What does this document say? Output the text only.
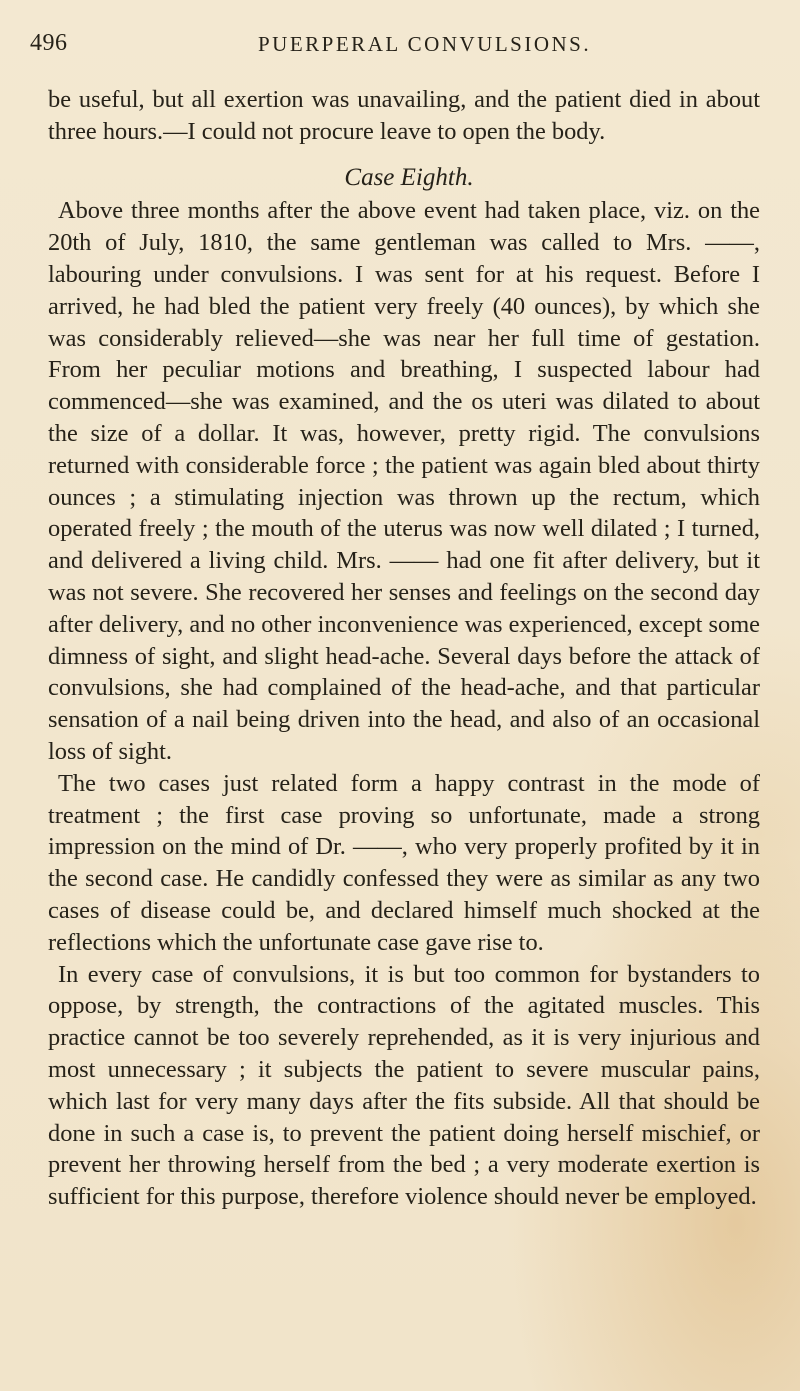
496	PUERPERAL CONVULSIONS.

be useful, but all exertion was unavailing, and the patient died in about three hours.—I could not procure leave to open the body.

Case Eighth.

Above three months after the above event had taken place, viz. on the 20th of July, 1810, the same gentleman was called to Mrs. ——, labouring under convulsions. I was sent for at his request. Before I arrived, he had bled the patient very freely (40 ounces), by which she was considerably relieved—she was near her full time of gestation. From her peculiar motions and breathing, I suspected labour had commenced—she was examined, and the os uteri was dilated to about the size of a dollar. It was, however, pretty rigid. The convulsions returned with considerable force ; the patient was again bled about thirty ounces ; a stimulating injection was thrown up the rectum, which operated freely ; the mouth of the uterus was now well dilated ; I turned, and delivered a living child. Mrs. —— had one fit after delivery, but it was not severe. She recovered her senses and feelings on the second day after delivery, and no other inconvenience was experienced, except some dimness of sight, and slight head-ache. Several days before the attack of convulsions, she had complained of the head-ache, and that particular sensation of a nail being driven into the head, and also of an occasional loss of sight.

The two cases just related form a happy contrast in the mode of treatment ; the first case proving so unfortunate, made a strong impression on the mind of Dr. ——, who very properly profited by it in the second case. He candidly confessed they were as similar as any two cases of disease could be, and declared himself much shocked at the reflections which the unfortunate case gave rise to.

In every case of convulsions, it is but too common for bystanders to oppose, by strength, the contractions of the agitated muscles. This practice cannot be too severely reprehended, as it is very injurious and most unnecessary ; it subjects the patient to severe muscular pains, which last for very many days after the fits subside. All that should be done in such a case is, to prevent the patient doing herself mischief, or prevent her throwing herself from the bed ; a very moderate exertion is sufficient for this purpose, therefore violence should never be employed.
